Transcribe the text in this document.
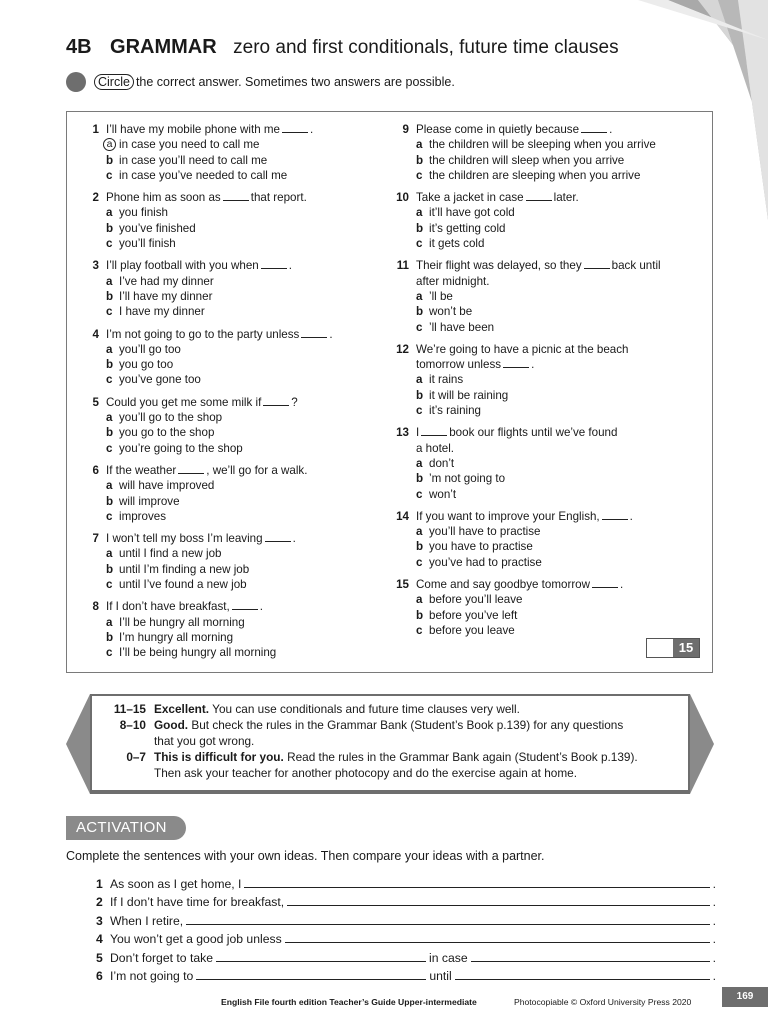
4B GRAMMAR zero and first conditionals, future time clauses
Circle the correct answer. Sometimes two answers are possible.
1 I’ll have my mobile phone with me	.
a in case you need to call me
b in case you’ll need to call me
c in case you’ve needed to call me
2 Phone him as soon as	that report.
a you finish
b you’ve finished
c you’ll finish
3 I’ll play football with you when	.
a I’ve had my dinner
b I’ll have my dinner
c I have my dinner
4 I’m not going to go to the party unless	.
a you’ll go too
b you go too
c you’ve gone too
5 Could you get me some milk if	?
a you’ll go to the shop
b you go to the shop
c you’re going to the shop
6 If the weather	, we’ll go for a walk.
a will have improved
b will improve
c improves
7 I won’t tell my boss I’m leaving	.
a until I find a new job
b until I’m finding a new job
c until I’ve found a new job
8 If I don’t have breakfast,	.
a I’ll be hungry all morning
b I’m hungry all morning
c I’ll be being hungry all morning
9 Please come in quietly because	.
a the children will be sleeping when you arrive
b the children will sleep when you arrive
c the children are sleeping when you arrive
10 Take a jacket in case	later.
a it’ll have got cold
b it’s getting cold
c it gets cold
11 Their flight was delayed, so they	back until
after midnight.
a ’ll be
b won’t be
c ’ll have been
12 We’re going to have a picnic at the beach
tomorrow unless	.
a it rains
b it will be raining
c it’s raining
13 I	book our flights until we’ve found
a hotel.
a don’t
b ’m not going to
c won’t
14 If you want to improve your English,	.
a you’ll have to practise
b you have to practise
c you’ve had to practise
15 Come and say goodbye tomorrow	.
a before you’ll leave
b before you’ve left
c before you leave
15
11–15 Excellent. You can use conditionals and future time clauses very well.
8–10 Good. But check the rules in the Grammar Bank (Student’s Book p.139) for any questions
that you got wrong.
0–7 This is difficult for you. Read the rules in the Grammar Bank again (Student’s Book p.139).
Then ask your teacher for another photocopy and do the exercise again at home.
ACTIVATION
Complete the sentences with your own ideas. Then compare your ideas with a partner.
1 As soon as I get home, I	.
2 If I don’t have time for breakfast,	.
3 When I retire,	.
4 You won’t get a good job unless	.
5 Don’t forget to take	in case	.
6 I’m not going to	until	.
English File fourth edition Teacher’s Guide Upper-intermediate	Photocopiable © Oxford University Press 2020	169
